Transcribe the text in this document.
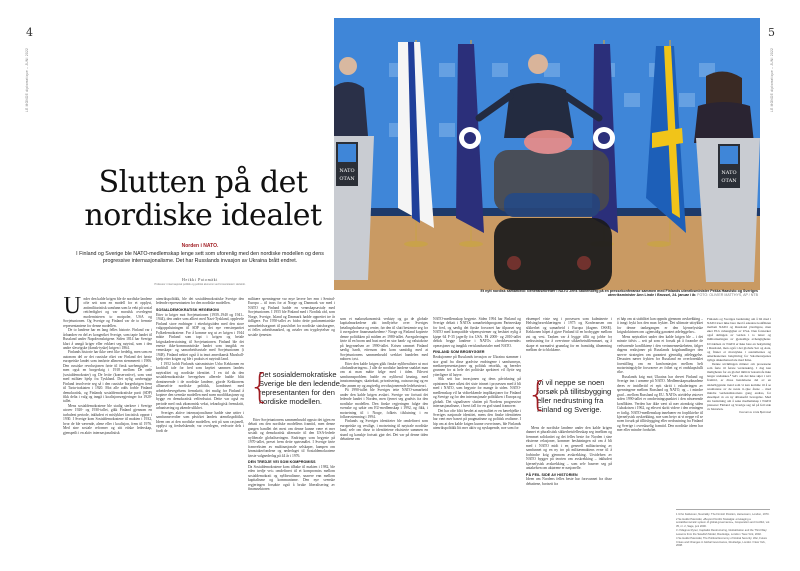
4	5
LE MONDE diplomatique – JUNI 2022	LE MONDE diplomatique – JUNI 2022
Slutten på det
nordiske idealet
Norden i NATO.
I Finland og Sverige ble NATO-medlemskap lenge sett som uforenlig med den nordiske modellen og dens progressive internasjonalisme. Det har Russlands invasjon av Ukraina brått endret.
Heikki Patomäki
Professor i internasjonal politikk og politisk økonomi ved Universitetet i Helsinki.
NATO
OTAN
NATO
OTAN
Et nytt nordisk samarbeid: Generalsekretær i NATO Jens Stoltenberg på en pressekonferanse sammen med Finlands utenriksminister Pekka Haavisto og Sveriges utenriksminister Ann Linde i Brussel, 24. januar i år. FOTO: OLIVIER MATTHYS, AP / NTB
U nder den kalde krigen ble de nordiske landene ofte sett som en modell for et opplyst, antimilitaristisk samfunn som la vekt på sosial rettferdighet og var moralsk overlegent modernisteren to motpoler, USA og Sovjetunionen. Og Sverige og Finland var de to fremste representantene for denne modellen.

De to landene har en lang felles historie. Finland var i århundrer en del av kongeriket Sverige, som tapte landet til Russland under Napoleonskrigene. Siden 1814 har Sverige klart å unngå kriger eller erklært seg nøytral, som i den andre slesvigske (dansk-tyske) krigen i 1864.

Finlands historie har ikke vært like fredelig, men som en autonom del av det russiske riket var Finland det første europeiske landet som innførte allmenn stemmerett i 1906. Den russiske revolusjonen førte til finsk uavhengighet – men også en borgerkrig i 1918 mellom De røde (sosialdemokrater) og De hvite (konservative), som vant med militær hjelp fra Tyskland. Det nylig uavhengige Finland involverte seg så i den russiske borgerkrigen frem til Tartu-traktaten i 1920. Mot alle odds forble Finland demokratisk, og Finlands sosialdemokratiske parti (SDP) fikk delta i valg og inngå i koalisjonsregjeringer fra 1920-tallet.

Mens sosialdemokratene ble stadig sterkere i Sverige utover 1920- og 1930-tallet, gikk Finland gjennom en turbulent periode, inkludert et mislykket fascistisk opprør i 1930. I Sverige kom Sosialdemokratene til makten i 1932, hvor de ble værende, alene eller i koalisjon, frem til 1976. Med sine sosiale reformer og sitt etiske lederskap, gjenspeilt i en aktiv internasjonalistisk

utenrikspolitikk, ble det sosialdemokratiske Sverige den ledende representanten for den nordiske modellen.

SOSIALDEMOKRATISK HEGEMONI

Etter to kriger mot Sovjetunionen (1939–1940 og 1941–1944), den andre som alliert med Nazi-Tyskland, opplevde Finland store endringer i etterkrigstiden med den store valgoppslutningen til SDP og det nye venstrepartiet Folkedemokratene. For å komme seg ut av krigen i 1944 måtte Finland som tapt i krigen og betale krigsskadeerstatning til Sovjetunionen. Finland ble det eneste ikke-kommunistiske landet som inngikk en vennskaps- og samarbeidsavtale med Sovjetunionen (i 1948). Finland nektet også å ta imot amerikansk Marshall-hjelp etter krigen og ble i praksis et nøytralt land.

I 1952 holdt Finlands statsminister Urho Kekkonen en kraftfull tale for fred som knyttet sammen landets nøytralitet og nordiske identitet. I en tid da den sosialdemokratiske bevegelsen allerede hadde blitt dominerende i de nordiske landene, gjorde Kekkonens alliansefrie nordiske politikk, kombinert med arbeiderbevegelsens fremskritt, det mulig for Finland å kopiere den svenske modellen med noen modifikasjoner og bygge en demokratisk velferdsstat. Dette var også en periode med rask økonomisk vekst, teknologisk fremskritt, urbanisering og økende ulikhet.

Sveriges aktive internasjonalisme hadde sine røtter i samfunnsverdier som påvirket landets utenrikspolitikk. Ideen om at den nordiske modellen, sett på som rasjonell, opplyst og fredselskende, var overlegen, vedvarte dels i fordi de

militære spenningene var mye lavere her enn i Sentral-Europa – til tross for at Norge og Danmark var med i NATO og Finland hadde en vennskapsavtale med Sovjetunionen. I 1955 ble Finland med i Nordisk råd, som Norge, Sverige, Island og Danmark hadde opprettet tre år tidligere. Fra 1950-tallet av bidro dette parlamentariske samarbeidsorganet til passfrihet for nordiske statsborgere, et felles arbeidsmarked, og avtaler om trygdeytelser og sosiale tjenester.

{
Det sosialdemokratiske Sverige ble den ledende representanten for den nordiske modellen.

Etter Sovjetunionens sammenbrudd oppsto det igjen en debatt om den nordiske modellens framtid, men denne gangen handlet det mest om denne kunne være et mer sosialt og demokratisk alternativ til den USA-ledede nyliberale globaliseringen. Endringer som begynte på 1970-tallet, preset frem dette spørsmålet. I Sverige førte framveksten av multinasjonale selskaper, kampen om lønnstakerfondene og nederlaget til Sosialdemokratene første valgnederlag på 44 år i 1976.

DEN TREDJE VEI SOM KOMPROMISS

Da Sosialdemokratene kom tilbake til makten i 1982, ble eden tredje vei» omdefinert til et kompromiss mellom sosialdemokrati og nyliberalisme, snarere enn mellom kapitalisme og kommunisme. Den nye svenske regjeringen forsøkte også å bruke liberalisering av finanssektoren

som et makroøkonomisk verktøy og ga de globale kapitalmarkedene økt innflytelse over Sveriges betalingsbalanse og renter, før den til slutt bestemte seg for å avregulere finansmarkedene.³ Norge og Finland kopierte denne politikken på midten av 1980-tallet. Avreguleringen førte til en boom and bust med en stor bank- og valutakrise på begynnelsen av 1990-tallet. Krisen rammet Finland særlig hardt, ettersom den kom samtidig med at Sovjetunionens sammenbrudd svekket handelen med naboen i øst.

Etter den kalde krigen gikk finske nyliberalister ut mot «finlandiseringen». I alle de nordiske landene snakket man om at man måtte følge med i tiden. Ethvert samfunnsproblem hadde en nyliberal løsning, med innstramninger, skattekutt, privatisering, outsourcing og en eller annen ny og angivelig revolusjonerende ledelsesteori.

På 1990-tallet ble Sveriges tette NATO-samarbeid under den kalde krigen avslørt. Sverige var fortsatt det ledende landet i Norden, men fjernet seg gradvis fra den nordiske modellen. Den finske regjeringen fulgte den svenske og søkte om EU-medlemskap i 1992, og fikk, i motsetning til i Norge, folkets tilslutning i en folkeavstemning i 1994.

Finlands og Sveriges identiteter ble omdefinert som europeiske og vestlige, i motsetning til nøytrale nordiske land, selv om disse to identitetene eksisterte sammen en stund og kanskje fortsatt gjør det. Det var på denne tiden debattene om

NATO-medlemskap begynte. Siden 1994 har Finland og Sverige deltatt i NATOs samarbeidsprogram Partnerskap for fred, og særlig det finske forsvaret har tilpasset seg NATO med kompatible våpensystemer og beslutet nylig å kjøpe 64 F-35 jagerfly fra USA. På 2000- og 2010-tallet deltok begge landene i NATOs «fredsbevarende» operasjoner og inngikk vertslandsavtaler med NATO.

FINLAND SOM BROBYGGER

Reaksjonene på Russlands invasjon av Ukraina stammer i stor grad fra disse gradvise endringene i samfunnsyn, mediarepresentasjoner og politisk retorikk, og bereder grunnen for at hele det politiske spekteret vil flytte seg ytterligere til høyre.

Slik sett har invasjonen og dens påvirkning på opinionen bare utløst det siste trinnet i prosessen med å bli med i NATO, som begynte for mange år siden. NATO-medlemskap vil ha vidtrekkende implikasjoner for Finland og Sverige og for den internasjonale politikken i Europa og globalt. Det signaliserer slutten på Nordens progressive internasjonalisme, i hvert fall for en god stund framover.

Det har ofte blitt hevdet at nøytralitet er en bærebjelke i Sveriges nasjonale identitet, mens den finske identiteten har vært mer basert på pragmatisme og politisk realisme. I hip om at den kalde krigen kunne overvinnes, ble Finlands utenrikspolitikk litt mer aktiv og nyskapende, noe som for

eksempel viste seg i prosessen som kulminerte i Helsingforserklæringen i 1975 og Konferansen om sikkerhet og samarbeid i Europa (dagens OSSE). Kekkonen håpet å gjøre Finland til en brobygger mellom øst og vest. Tanken var å bygge tillit og jobbe for nedrustning for å overvinne sikkerhetsdilemmaet, og å skape et normativt grunnlag for en framtidig tilnærming mellom de to blokkene.

{
Vi vil neppe se noen forsøk på tillitsbygging eller nedrustning fra Finland og Sverige.

Mens de nordiske landene under den kalde krigen dannet et pluralistisk sikkerhetsfellesskap seg imellom og fremmet solidaritet og det felles beste for Norden i sine eksterne relasjoner, kommer beslutningen nå om å bli med i NATO midt i en generell militarisering av samfunnet og en ny tro på militærmaktens evne til å forhindre krig gjennom avskrekking. Utvidelsen av NATO bygger på teorien om avskrekking – inkludert kjernefysisk avskrekking – som selv baserer seg på antakelsen om aktørene er nasjonelle.

PÅ FEIL SIDE AV HISTORIEN

Ideen om Nordens felles beste har forsvunnet fra disse debattene, bortsett fra

et håp om at stabilitet kan oppnås gjennom avskrekking – å inngi frykt hos den man frykter. Det ultimate uttrykket for denne tankegangen er den kjernefysiske krigsdoktrinen om «gjensidig garantert ødeleggelse».

Mens nøytralitet under den kalde krigen ble – i det minste tidvis – sett på som et forsøk på å forandre de vedvarende konfliktene i den vertsmenneskeheten, følger dagens reaksjoner på Russlands krigshandlinger den snevre strategien om garantert gjensidig ødeleggelse. Dessuten nærer frykten for Russland en overforenklet forestilling om en konfrontasjon mellom helt motsetningsfylte forsvarere av frihet og et ondskapsfullt rike.

Russlands krig mot Ukraina har drevet Finland og Sverige inn i armene på NATO. Medlemskapssøknadene deres er imidlertid et nytt skritt i eskaleringen av spenningene mellom Russland og NATO, og – i mindre grad – mellom Russland og EU. NATOs utvidelse østover siden 1990-tallet er omdreiningspunktet i den nåværende konflikten. Verden har ikke vært så nær atomkrig siden Cubakrisen i 1962, og ethvert skritt videre i den retningen er farlig. NATO-medlemskap innebærer en forpliktelse til kjernefysisk avskrekking, noe som betyr at vi neppe vil se noen forsøk på tillitsbygging eller nedrustning fra Finland og Sverige i overskuelig framtid. Den nordiske ideen har mer eller mindre forduftet.

Finlands og Sveriges beslutning om å bli med i NATO truer ikke bare med å eskalere konflikten mellom NATO og Russland ytterligere, men øker EUs avhengighet av USA. Den forsterker også delingen av verden i to leirer og militariseringen av gjensidige avhengigheter. Utvidelsen av NATO er ikke bare en bekymring i Russland, men også i det globale Sør og Asia, og finner et motstykke i australiernes og amerikanernes bekymring for Salomonøyenes nylige sikkerhetsavtale med Kina.

Denne utviklingen minner om prosessene som førte til første verdenskrig. I dag kan muligheten for en global militær katastrofe ikke lenger utelukkes.⁴ Selv om det ikke skjer i nær framtid, er disse hendelsene del av en underliggende trend som vi kan komme til å se resultatene av de neste ti–tjue årene – med mindre verdenshistoriens gang endres, for eksempel av en ny alliansefri bevegelse. Med sin beslutning om å søke medlemskap i NATO plasserer Finland og Sverige seg nå på feil side av historien.

Oversatt av Linda Bjørnstad
1 Urho Kekkonen, Neutrality: The Finnish Position, Heinemann, London, 1970.
2 Se Heikki Patomäki, «Beyond Nordic Nostalgia: envisaging a social/democratic system of global governance», Cooperation and Conflict, vol. 35, nr. 2, Sage, juni 2000.
3 J Magnus Ryner, Capitalist Restructuring, Globalization and the Third Way: Lessons from the Swedish Model, Routledge, London / New York, 2002.
4 Se Heikki Patomäki, The Political Economy of Global Security: War, Future Crises and Changes in Global Governance, Routledge, London / New York, 2008.
